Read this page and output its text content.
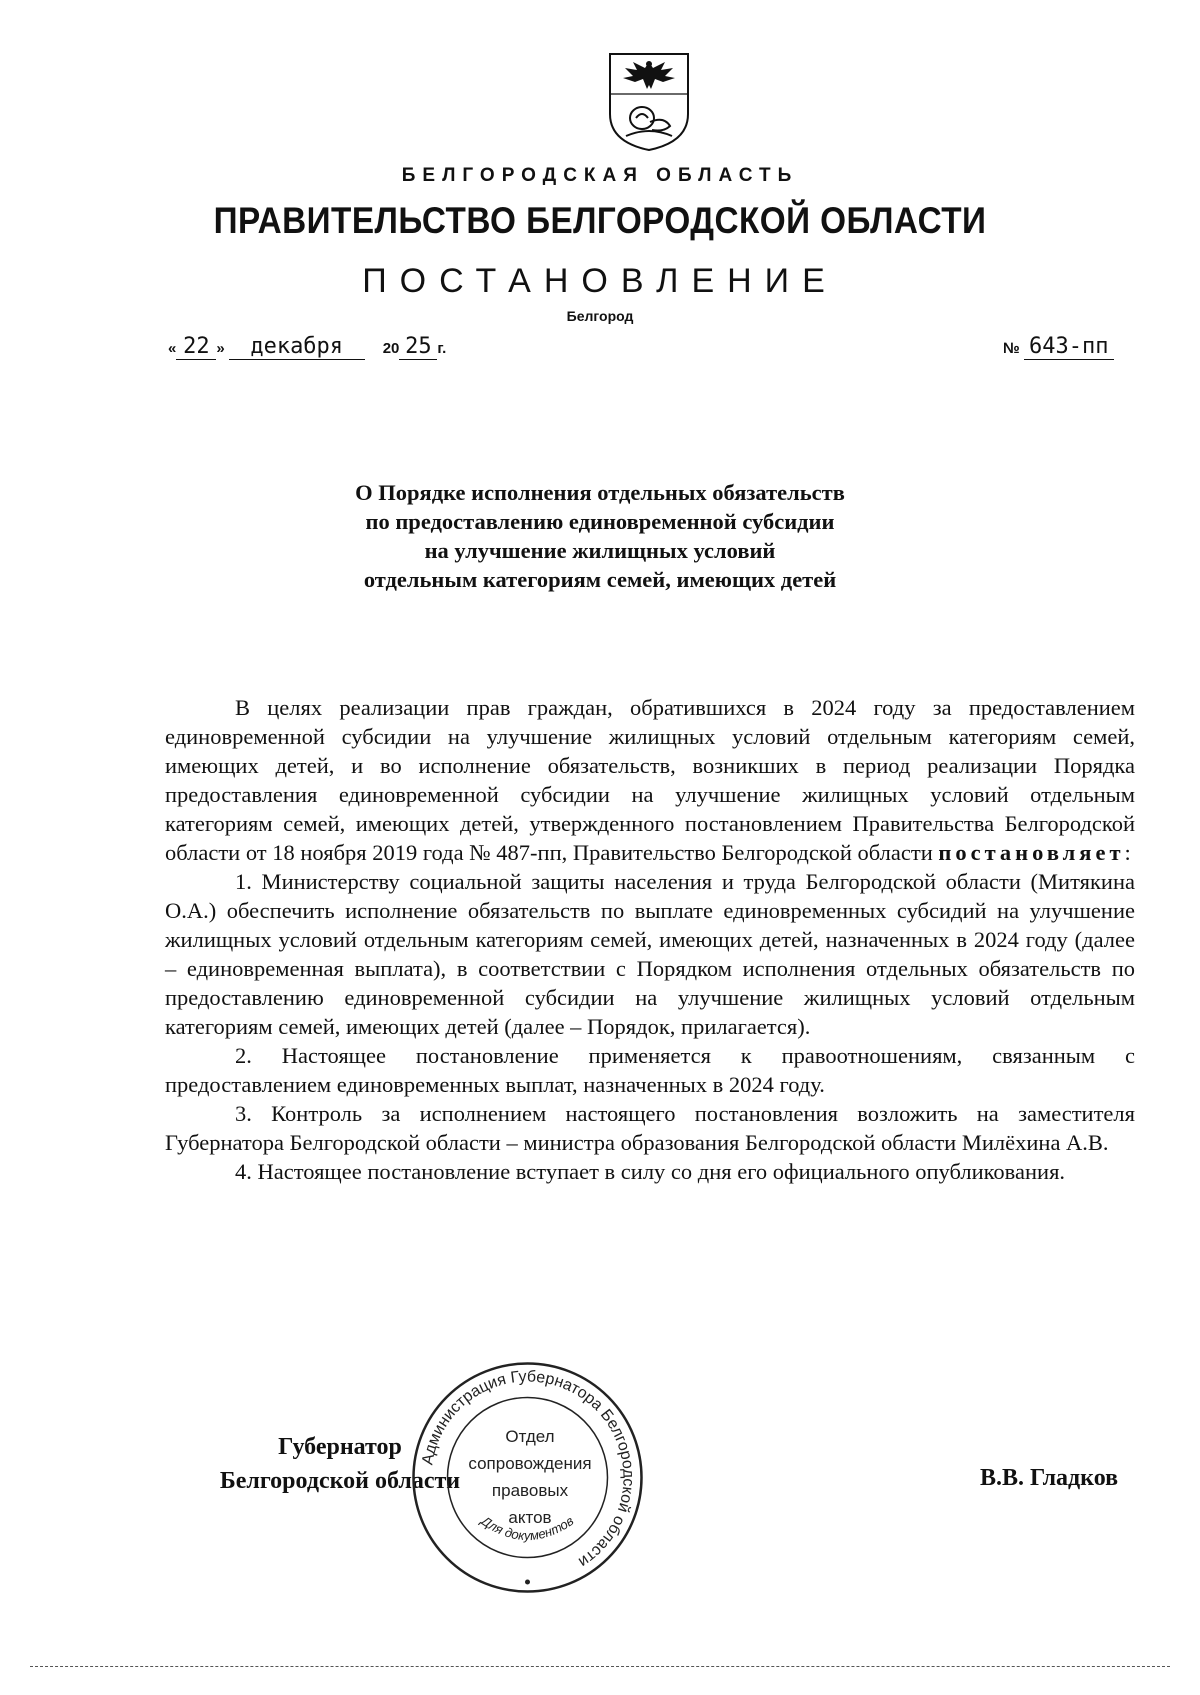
БЕЛГОРОДСКАЯ ОБЛАСТЬ
ПРАВИТЕЛЬСТВО БЕЛГОРОДСКОЙ ОБЛАСТИ
ПОСТАНОВЛЕНИЕ
Белгород
« 22 »	декабря	20 25 г.	№ 643-пп
О Порядке исполнения отдельных обязательств
по предоставлению единовременной субсидии
на улучшение жилищных условий
отдельным категориям семей, имеющих детей

В целях реализации прав граждан, обратившихся в 2024 году за предоставлением единовременной субсидии на улучшение жилищных условий отдельным категориям семей, имеющих детей, и во исполнение обязательств, возникших в период реализации Порядка предоставления единовременной субсидии на улучшение жилищных условий отдельным категориям семей, имеющих детей, утвержденного постановлением Правительства Белгородской области от 18 ноября 2019 года № 487-пп, Правительство Белгородской области постановляет:

1. Министерству социальной защиты населения и труда Белгородской области (Митякина О.А.) обеспечить исполнение обязательств по выплате единовременных субсидий на улучшение жилищных условий отдельным категориям семей, имеющих детей, назначенных в 2024 году (далее – единовременная выплата), в соответствии с Порядком исполнения отдельных обязательств по предоставлению единовременной субсидии на улучшение жилищных условий отдельным категориям семей, имеющих детей (далее – Порядок, прилагается).

2. Настоящее постановление применяется к правоотношениям, связанным с предоставлением единовременных выплат, назначенных в 2024 году.

3. Контроль за исполнением настоящего постановления возложить на заместителя Губернатора Белгородской области – министра образования Белгородской области Милёхина А.В.

4. Настоящее постановление вступает в силу со дня его официального опубликования.

Губернатор
Белгородской области	В.В. Гладков
Администрация Губернатора Белгородской области
Для документов
Отдел
сопровождения
правовых
актов
